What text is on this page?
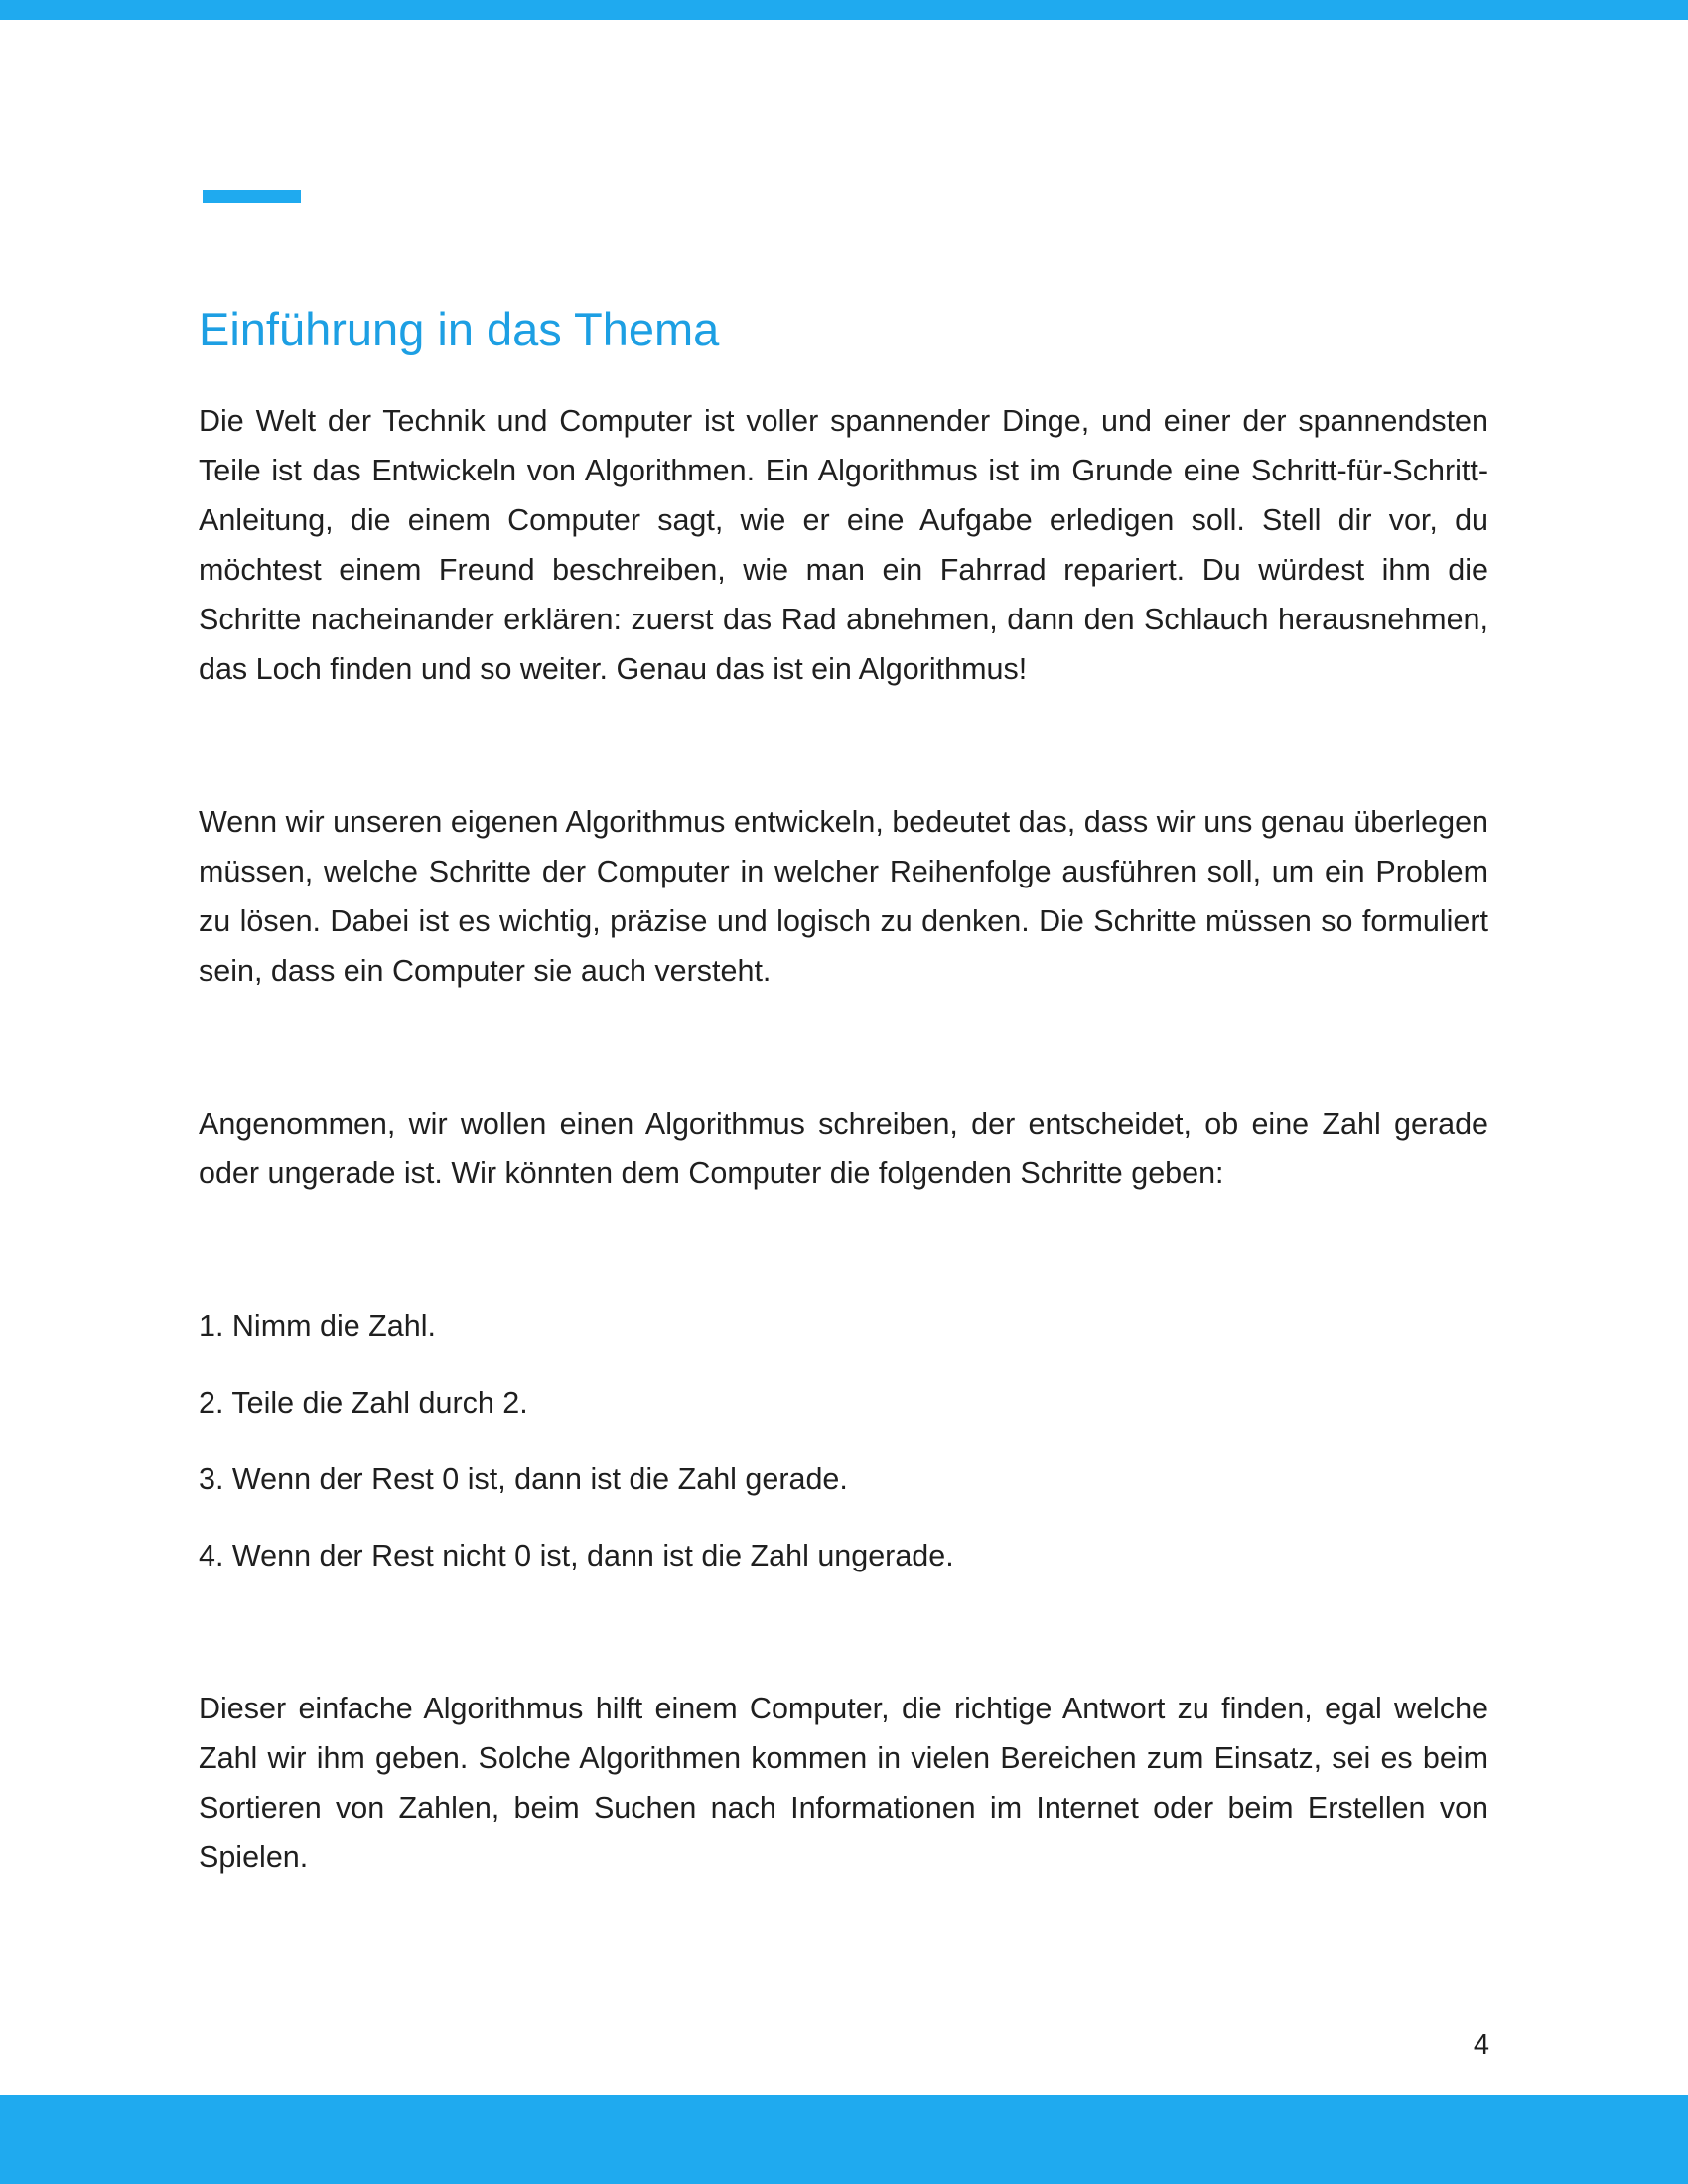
Einführung in das Thema

Die Welt der Technik und Computer ist voller spannender Dinge, und einer der spannendsten Teile ist das Entwickeln von Algorithmen. Ein Algorithmus ist im Grunde eine Schritt-für-Schritt-Anleitung, die einem Computer sagt, wie er eine Aufgabe erledigen soll. Stell dir vor, du möchtest einem Freund beschreiben, wie man ein Fahrrad repariert. Du würdest ihm die Schritte nacheinander erklären: zuerst das Rad abnehmen, dann den Schlauch herausnehmen, das Loch finden und so weiter. Genau das ist ein Algorithmus!

Wenn wir unseren eigenen Algorithmus entwickeln, bedeutet das, dass wir uns genau überlegen müssen, welche Schritte der Computer in welcher Reihenfolge ausführen soll, um ein Problem zu lösen. Dabei ist es wichtig, präzise und logisch zu denken. Die Schritte müssen so formuliert sein, dass ein Computer sie auch versteht.

Angenommen, wir wollen einen Algorithmus schreiben, der entscheidet, ob eine Zahl gerade oder ungerade ist. Wir könnten dem Computer die folgenden Schritte geben:

1. Nimm die Zahl.

2. Teile die Zahl durch 2.

3. Wenn der Rest 0 ist, dann ist die Zahl gerade.

4. Wenn der Rest nicht 0 ist, dann ist die Zahl ungerade.

Dieser einfache Algorithmus hilft einem Computer, die richtige Antwort zu finden, egal welche Zahl wir ihm geben. Solche Algorithmen kommen in vielen Bereichen zum Einsatz, sei es beim Sortieren von Zahlen, beim Suchen nach Informationen im Internet oder beim Erstellen von Spielen.

4
